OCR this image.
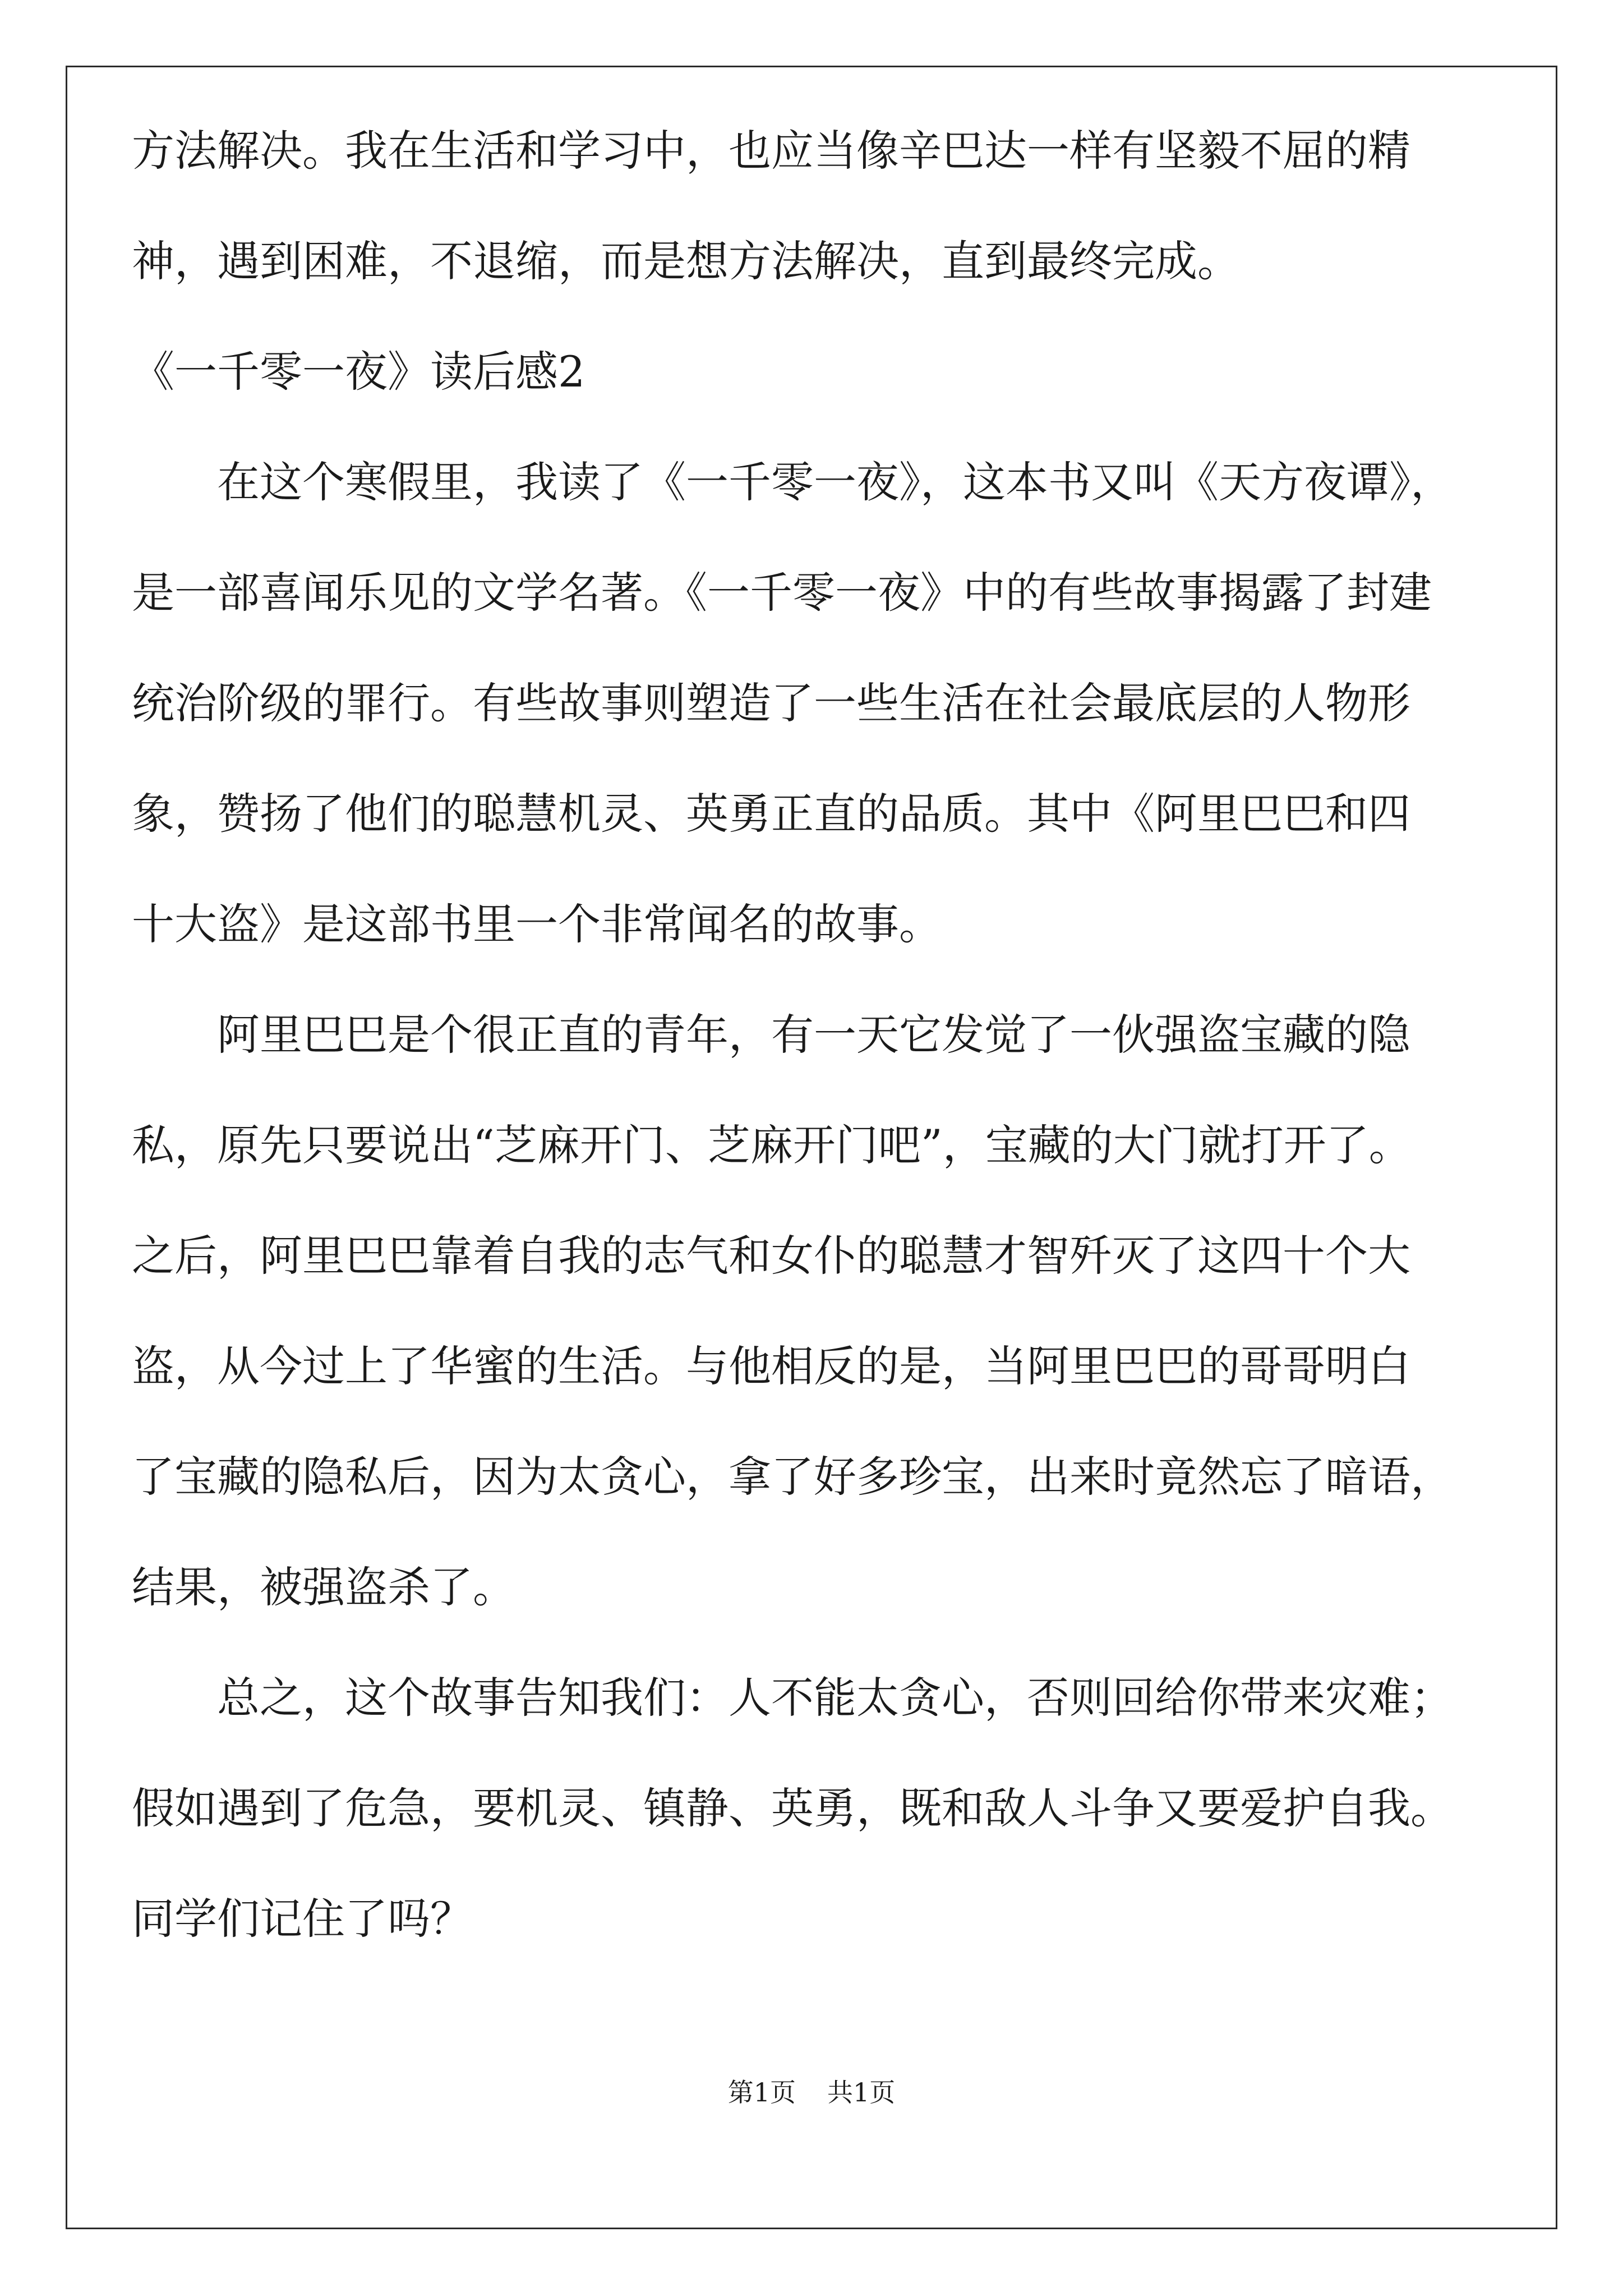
方法解决。我在生活和学习中，也应当像辛巴达一样有坚毅不屈的精
神，遇到困难，不退缩，而是想方法解决，直到最终完成。
《一千零一夜》读后感2
在这个寒假里，我读了《一千零一夜》，这本书又叫《天方夜谭》，
是一部喜闻乐见的文学名著。《一千零一夜》中的有些故事揭露了封建
统治阶级的罪行。有些故事则塑造了一些生活在社会最底层的人物形
象，赞扬了他们的聪慧机灵、英勇正直的品质。其中《阿里巴巴和四
十大盗》是这部书里一个非常闻名的故事。
阿里巴巴是个很正直的青年，有一天它发觉了一伙强盗宝藏的隐
私，原先只要说出“芝麻开门、芝麻开门吧”，宝藏的大门就打开了。
之后，阿里巴巴靠着自我的志气和女仆的聪慧才智歼灭了这四十个大
盗，从今过上了华蜜的生活。与他相反的是，当阿里巴巴的哥哥明白
了宝藏的隐私后，因为太贪心，拿了好多珍宝，出来时竟然忘了暗语，
结果，被强盗杀了。
总之，这个故事告知我们：人不能太贪心，否则回给你带来灾难；
假如遇到了危急，要机灵、镇静、英勇，既和敌人斗争又要爱护自我。
同学们记住了吗？
第1页 共1页
